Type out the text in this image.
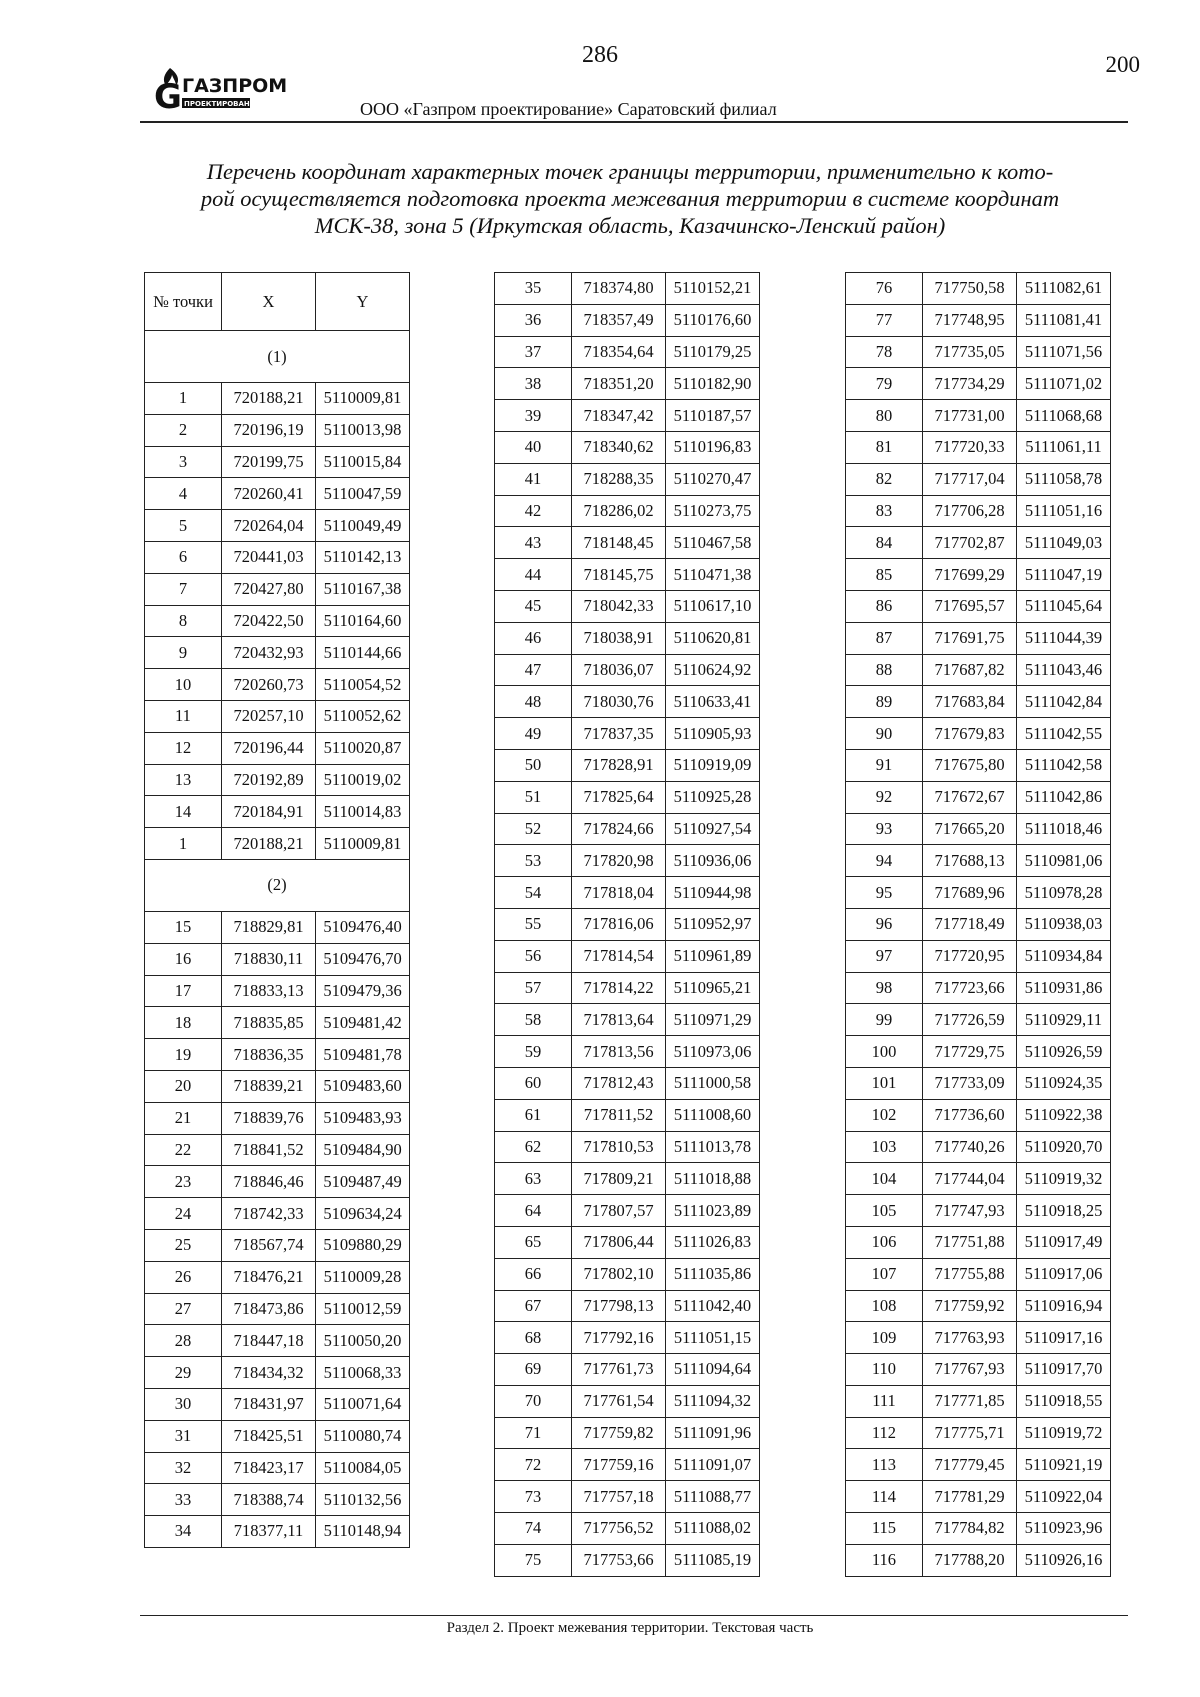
286	200
G ГАЗПРОМ
ПРОЕКТИРОВАНИЕ	ООО «Газпром проектирование» Саратовский филиал
Перечень координат характерных точек границы территории, применительно к кото-
рой осуществляется подготовка проекта межевания территории в системе координат
МСК-38, зона 5 (Иркутская область, Казачинско-Ленский район)
№ точки	X	Y
(1)		
1	720188,21	5110009,81
2	720196,19	5110013,98
3	720199,75	5110015,84
4	720260,41	5110047,59
5	720264,04	5110049,49
6	720441,03	5110142,13
7	720427,80	5110167,38
8	720422,50	5110164,60
9	720432,93	5110144,66
10	720260,73	5110054,52
11	720257,10	5110052,62
12	720196,44	5110020,87
13	720192,89	5110019,02
14	720184,91	5110014,83
1	720188,21	5110009,81
(2)		
15	718829,81	5109476,40
16	718830,11	5109476,70
17	718833,13	5109479,36
18	718835,85	5109481,42
19	718836,35	5109481,78
20	718839,21	5109483,60
21	718839,76	5109483,93
22	718841,52	5109484,90
23	718846,46	5109487,49
24	718742,33	5109634,24
25	718567,74	5109880,29
26	718476,21	5110009,28
27	718473,86	5110012,59
28	718447,18	5110050,20
29	718434,32	5110068,33
30	718431,97	5110071,64
31	718425,51	5110080,74
32	718423,17	5110084,05
33	718388,74	5110132,56
34	718377,11	5110148,94
35	718374,80	5110152,21
36	718357,49	5110176,60
37	718354,64	5110179,25
38	718351,20	5110182,90
39	718347,42	5110187,57
40	718340,62	5110196,83
41	718288,35	5110270,47
42	718286,02	5110273,75
43	718148,45	5110467,58
44	718145,75	5110471,38
45	718042,33	5110617,10
46	718038,91	5110620,81
47	718036,07	5110624,92
48	718030,76	5110633,41
49	717837,35	5110905,93
50	717828,91	5110919,09
51	717825,64	5110925,28
52	717824,66	5110927,54
53	717820,98	5110936,06
54	717818,04	5110944,98
55	717816,06	5110952,97
56	717814,54	5110961,89
57	717814,22	5110965,21
58	717813,64	5110971,29
59	717813,56	5110973,06
60	717812,43	5111000,58
61	717811,52	5111008,60
62	717810,53	5111013,78
63	717809,21	5111018,88
64	717807,57	5111023,89
65	717806,44	5111026,83
66	717802,10	5111035,86
67	717798,13	5111042,40
68	717792,16	5111051,15
69	717761,73	5111094,64
70	717761,54	5111094,32
71	717759,82	5111091,96
72	717759,16	5111091,07
73	717757,18	5111088,77
74	717756,52	5111088,02
75	717753,66	5111085,19
76	717750,58	5111082,61
77	717748,95	5111081,41
78	717735,05	5111071,56
79	717734,29	5111071,02
80	717731,00	5111068,68
81	717720,33	5111061,11
82	717717,04	5111058,78
83	717706,28	5111051,16
84	717702,87	5111049,03
85	717699,29	5111047,19
86	717695,57	5111045,64
87	717691,75	5111044,39
88	717687,82	5111043,46
89	717683,84	5111042,84
90	717679,83	5111042,55
91	717675,80	5111042,58
92	717672,67	5111042,86
93	717665,20	5111018,46
94	717688,13	5110981,06
95	717689,96	5110978,28
96	717718,49	5110938,03
97	717720,95	5110934,84
98	717723,66	5110931,86
99	717726,59	5110929,11
100	717729,75	5110926,59
101	717733,09	5110924,35
102	717736,60	5110922,38
103	717740,26	5110920,70
104	717744,04	5110919,32
105	717747,93	5110918,25
106	717751,88	5110917,49
107	717755,88	5110917,06
108	717759,92	5110916,94
109	717763,93	5110917,16
110	717767,93	5110917,70
111	717771,85	5110918,55
112	717775,71	5110919,72
113	717779,45	5110921,19
114	717781,29	5110922,04
115	717784,82	5110923,96
116	717788,20	5110926,16
Раздел 2. Проект межевания территории. Текстовая часть
